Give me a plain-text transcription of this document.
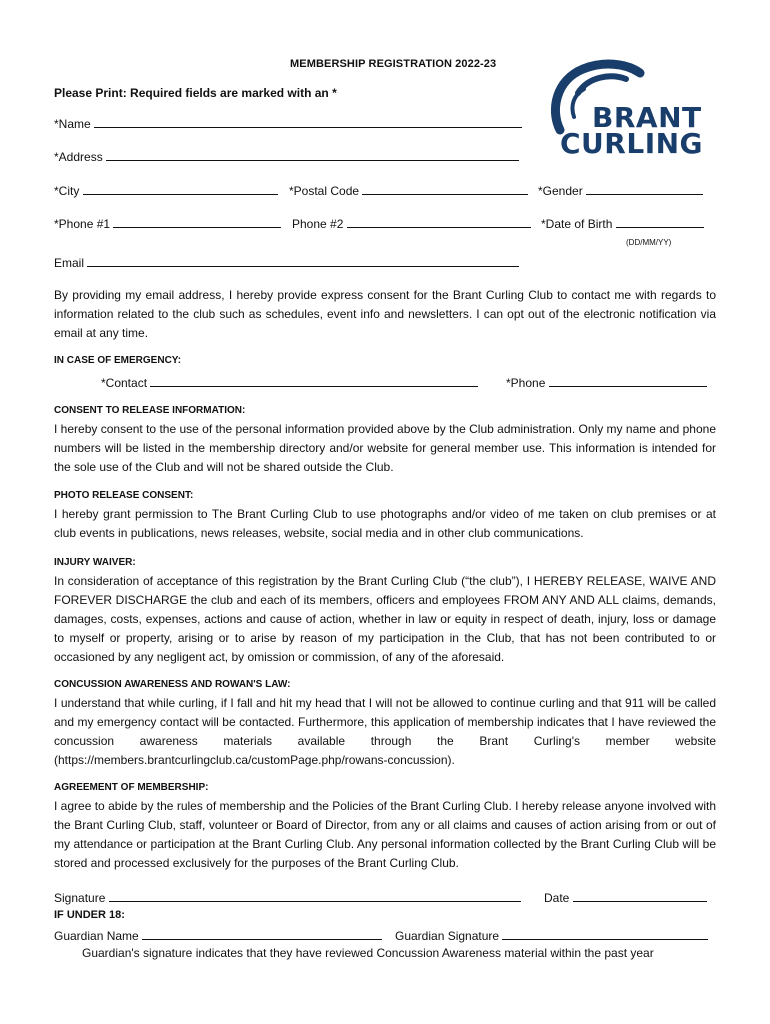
MEMBERSHIP REGISTRATION 2022-23
Please Print: Required fields are marked with an *
BRANT
CURLING
*Name
*Address
*City	*Postal Code	*Gender
*Phone #1	Phone #2	*Date of Birth
(DD/MM/YY)
Email
By providing my email address, I hereby provide express consent for the Brant Curling Club to contact me with regards to information related to the club such as schedules, event info and newsletters. I can opt out of the electronic notification via email at any time.
IN CASE OF EMERGENCY:
*Contact	*Phone
CONSENT TO RELEASE INFORMATION:
I hereby consent to the use of the personal information provided above by the Club administration. Only my name and phone numbers will be listed in the membership directory and/or website for general member use. This information is intended for the sole use of the Club and will not be shared outside the Club.
PHOTO RELEASE CONSENT:
I hereby grant permission to The Brant Curling Club to use photographs and/or video of me taken on club premises or at club events in publications, news releases, website, social media and in other club communications.
INJURY WAIVER:
In consideration of acceptance of this registration by the Brant Curling Club (“the club”), I HEREBY RELEASE, WAIVE AND FOREVER DISCHARGE the club and each of its members, officers and employees FROM ANY AND ALL claims, demands, damages, costs, expenses, actions and cause of action, whether in law or equity in respect of death, injury, loss or damage to myself or property, arising or to arise by reason of my participation in the Club, that has not been contributed to or occasioned by any negligent act, by omission or commission, of any of the aforesaid.
CONCUSSION AWARENESS AND ROWAN'S LAW:
I understand that while curling, if I fall and hit my head that I will not be allowed to continue curling and that 911 will be called and my emergency contact will be contacted. Furthermore, this application of membership indicates that I have reviewed the concussion awareness materials available through the Brant Curling's member website (https://members.brantcurlingclub.ca/customPage.php/rowans-concussion).
AGREEMENT OF MEMBERSHIP:
I agree to abide by the rules of membership and the Policies of the Brant Curling Club. I hereby release anyone involved with the Brant Curling Club, staff, volunteer or Board of Director, from any or all claims and causes of action arising from or out of my attendance or participation at the Brant Curling Club. Any personal information collected by the Brant Curling Club will be stored and processed exclusively for the purposes of the Brant Curling Club.
Signature	Date
IF UNDER 18:
Guardian Name	Guardian Signature
Guardian's signature indicates that they have reviewed Concussion Awareness material within the past year
